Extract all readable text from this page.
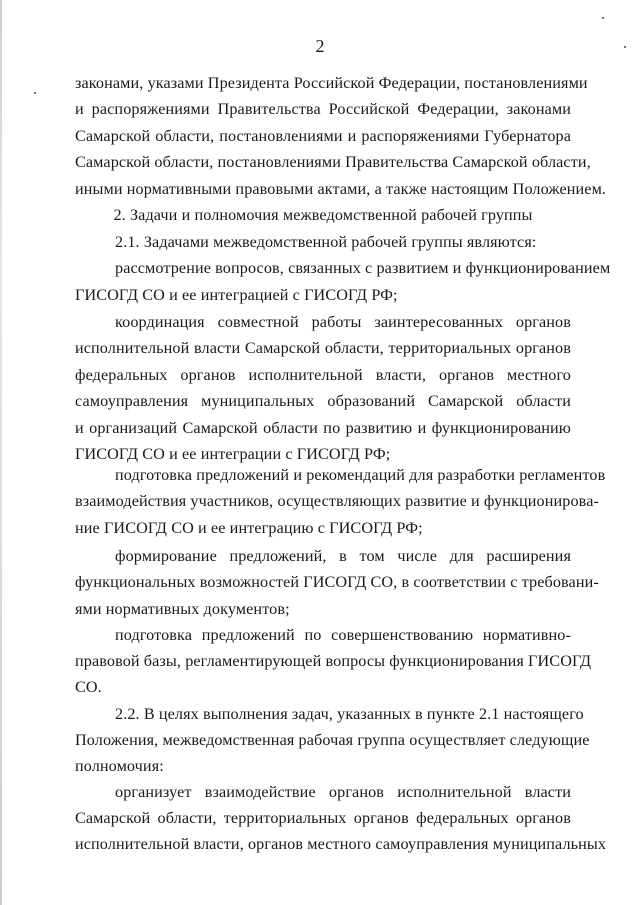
2
законами, указами Президента Российской Федерации, постановлениями
и распоряжениями Правительства Российской Федерации, законами
Самарской области, постановлениями и распоряжениями Губернатора
Самарской области, постановлениями Правительства Самарской области,
иными нормативными правовыми актами, а также настоящим Положением.
2. Задачи и полномочия межведомственной рабочей группы
2.1. Задачами межведомственной рабочей группы являются:
рассмотрение вопросов, связанных с развитием и функционированием
ГИСОГД СО и ее интеграцией с ГИСОГД РФ;
координация совместной работы заинтересованных органов
исполнительной власти Самарской области, территориальных органов
федеральных органов исполнительной власти, органов местного
самоуправления муниципальных образований Самарской области
и организаций Самарской области по развитию и функционированию
ГИСОГД СО и ее интеграции с ГИСОГД РФ;
подготовка предложений и рекомендаций для разработки регламентов
взаимодействия участников, осуществляющих развитие и функционирова-
ние ГИСОГД СО и ее интеграцию с ГИСОГД РФ;
формирование предложений, в том числе для расширения
функциональных возможностей ГИСОГД СО, в соответствии с требовани-
ями нормативных документов;
подготовка предложений по совершенствованию нормативно-
правовой базы, регламентирующей вопросы функционирования ГИСОГД
СО.
2.2. В целях выполнения задач, указанных в пункте 2.1 настоящего
Положения, межведомственная рабочая группа осуществляет следующие
полномочия:
организует взаимодействие органов исполнительной власти
Самарской области, территориальных органов федеральных органов
исполнительной власти, органов местного самоуправления муниципальных
